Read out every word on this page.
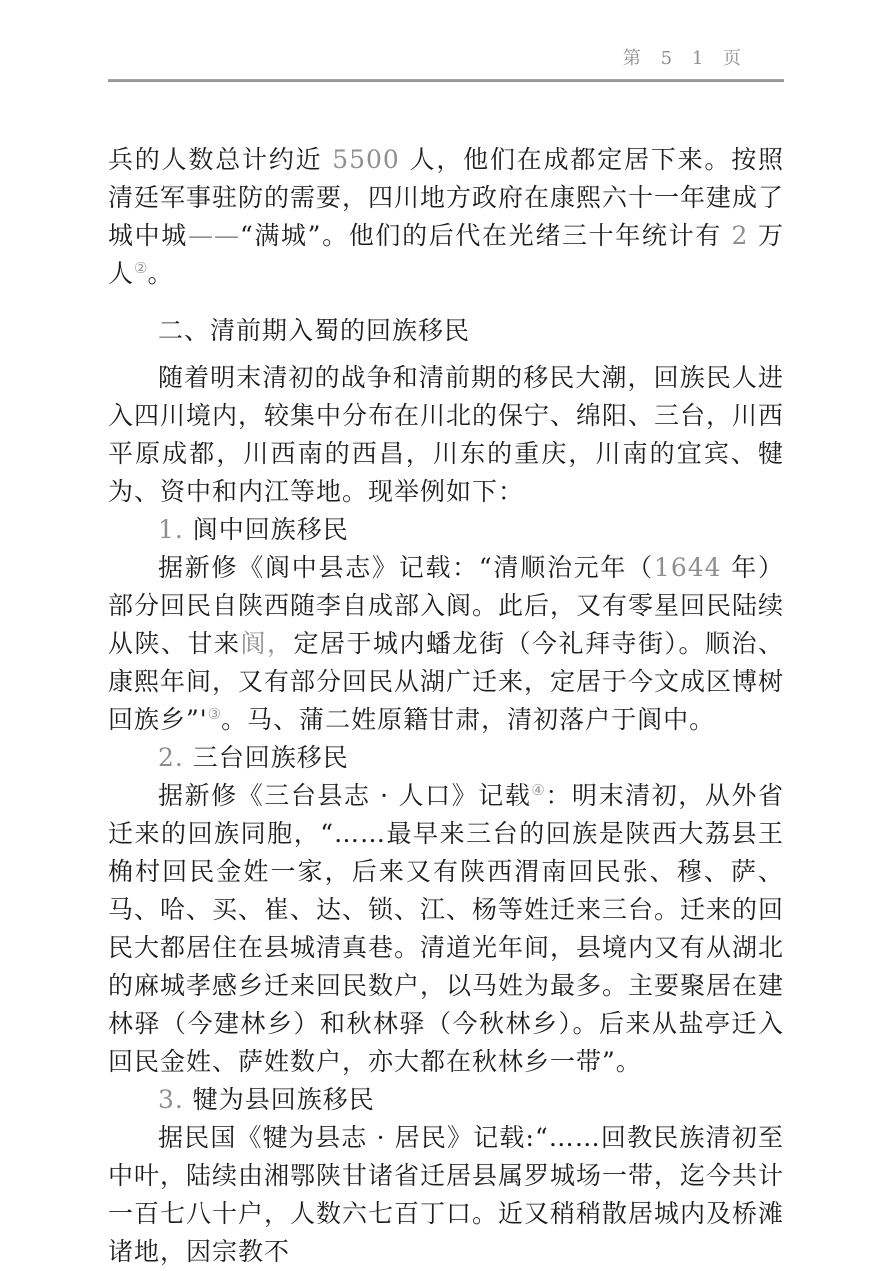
第 5 1 页

兵的人数总计约近 5500 人，他们在成都定居下来。按照清廷军事驻防的需要，四川地方政府在康熙六十一年建成了城中城——“满城”。他们的后代在光绪三十年统计有 2 万人②。

二、清前期入蜀的回族移民

随着明末清初的战争和清前期的移民大潮，回族民人进入四川境内，较集中分布在川北的保宁、绵阳、三台，川西平原成都，川西南的西昌，川东的重庆，川南的宜宾、犍为、资中和内江等地。现举例如下：

1. 阆中回族移民

据新修《阆中县志》记载：“清顺治元年（1644 年）部分回民自陕西随李自成部入阆。此后，又有零星回民陆续从陕、甘来阆，定居于城内蟠龙街（今礼拜寺街）。顺治、康熙年间，又有部分回民从湖广迁来，定居于今文成区博树回族乡”'③。马、蒲二姓原籍甘肃，清初落户于阆中。

2. 三台回族移民

据新修《三台县志 · 人口》记载④：明末清初，从外省迁来的回族同胞，“……最早来三台的回族是陕西大荔县王桷村回民金姓一家，后来又有陕西渭南回民张、穆、萨、马、哈、买、崔、达、锁、江、杨等姓迁来三台。迁来的回民大都居住在县城清真巷。清道光年间，县境内又有从湖北的麻城孝感乡迁来回民数户，以马姓为最多。主要聚居在建林驿（今建林乡）和秋林驿（今秋林乡）。后来从盐亭迁入回民金姓、萨姓数户，亦大都在秋林乡一带”。

3. 犍为县回族移民

据民国《犍为县志 · 居民》记载:“……回教民族清初至中叶，陆续由湘鄂陕甘诸省迁居县属罗城场一带，迄今共计一百七八十户，人数六七百丁口。近又稍稍散居城内及桥滩诸地，因宗教不
